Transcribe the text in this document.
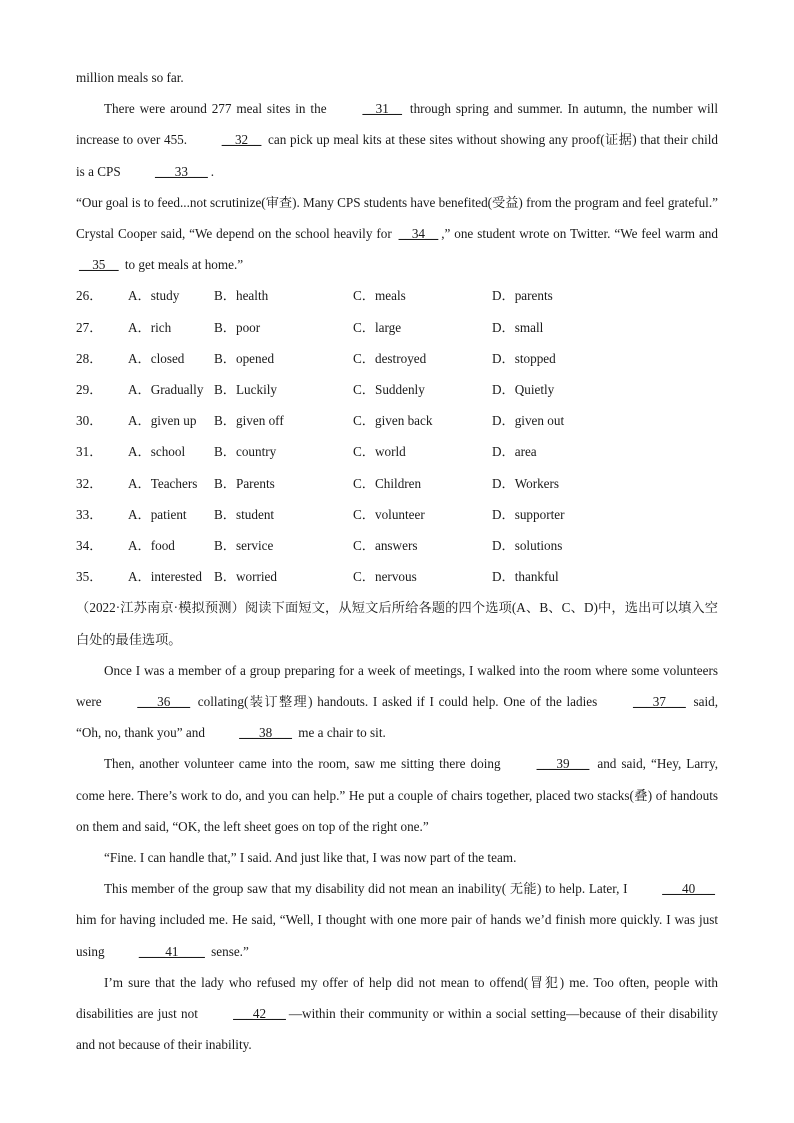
million meals so far.

There were around 277 meal sites in the __31__ through spring and summer. In autumn, the number will increase to over 455. __32__ can pick up meal kits at these sites without showing any proof(证据) that their child is a CPS ___33___ .

“Our goal is to feed...not scrutinize(审查). Many CPS students have benefited(受益) from the program and feel grateful.” Crystal Cooper said, “We depend on the school heavily for __34__ ,” one student wrote on Twitter. “We feel warm and __35__ to get meals at home.”

26．	A．study	B．health	C．meals	D．parents
27．	A．rich	B．poor	C．large	D．small
28．	A．closed	B．opened	C．destroyed	D．stopped
29．	A．Gradually B．Luckily	C．Suddenly	D．Quietly
30．	A．given up	B．given off	C．given back	D．given out
31．	A．school	B．country	C．world	D．area
32．	A．Teachers	B．Parents	C．Children	D．Workers
33．	A．patient	B．student	C．volunteer	D．supporter
34．	A．food	B．service	C．answers	D．solutions
35．	A．interested B．worried	C．nervous	D．thankful

（2022·江苏南京·模拟预测）阅读下面短文，从短文后所给各题的四个选项(A、B、C、D)中，选出可以填入空白处的最佳选项。

Once I was a member of a group preparing for a week of meetings, I walked into the room where some volunteers were ___36___ collating(装订整理) handouts. I asked if I could help. One of the ladies ___37___ said, “Oh, no, thank you” and ___38___ me a chair to sit.

Then, another volunteer came into the room, saw me sitting there doing ___39___ and said, “Hey, Larry, come here. There’s work to do, and you can help.” He put a couple of chairs together, placed two stacks(叠) of handouts on them and said, “OK, the left sheet goes on top of the right one.”

“Fine. I can handle that,” I said. And just like that, I was now part of the team.

This member of the group saw that my disability did not mean an inability( 无能) to help. Later, I ___40___ him for having included me. He said, “Well, I thought with one more pair of hands we’d finish more quickly. I was just using ____41____ sense.”

I’m sure that the lady who refused my offer of help did not mean to offend(冒犯) me. Too often, people with disabilities are just not ___42___ —within their community or within a social setting—because of their disability and not because of their inability.
